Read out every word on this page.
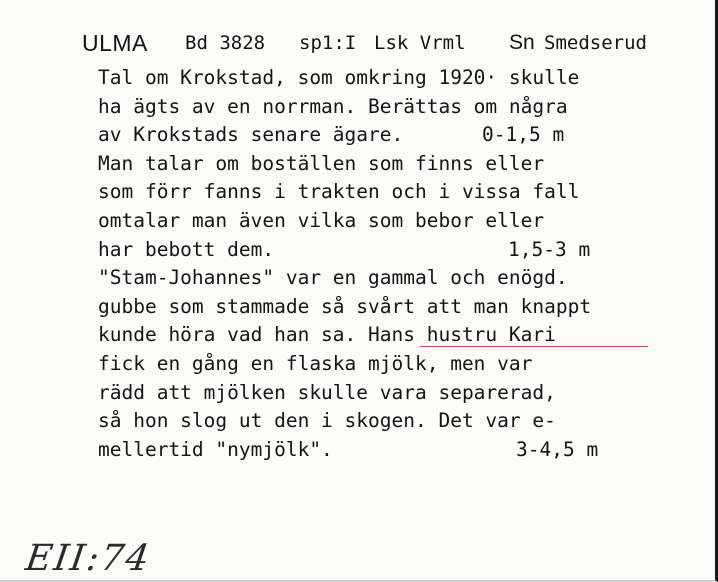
ULMA Bd 3828 sp1:I Lsk Vrml Sn Smedserud
Tal om Krokstad, som omkring 1920· skulle
ha ägts av en norrman. Berättas om några
av Krokstads senare ägare.	0-1,5 m
Man talar om boställen som finns eller
som förr fanns i trakten och i vissa fall
omtalar man även vilka som bebor eller
har bebott dem.	1,5-3 m
"Stam-Johannes" var en gammal och enögd.
gubbe som stammade så svårt att man knappt
kunde höra vad han sa. Hans hustru Kari
fick en gång en flaska mjölk, men var
rädd att mjölken skulle vara separerad,
så hon slog ut den i skogen. Det var e-
mellertid "nymjölk".	3-4,5 m
EII:74
